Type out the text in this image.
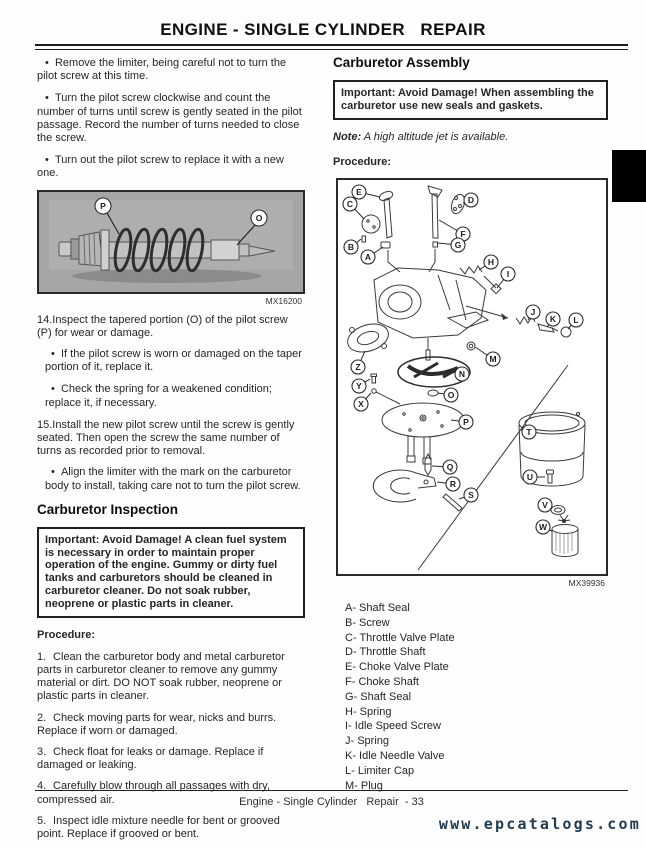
ENGINE - SINGLE CYLINDER   REPAIR

•  Remove the limiter, being careful not to turn the pilot screw at this time.

•  Turn the pilot screw clockwise and count the number of turns until screw is gently seated in the pilot passage. Record the number of turns needed to close the screw.

•  Turn out the pilot screw to replace it with a new one.

P
O
MX16200

14.Inspect the tapered portion (O) of the pilot screw (P) for wear or damage.

•  If the pilot screw is worn or damaged on the taper portion of it, replace it.

•  Check the spring for a weakened condition; replace it, if necessary.

15.Install the new pilot screw until the screw is gently seated. Then open the screw the same number of turns as recorded prior to removal.

•  Align the limiter with the mark on the carburetor body to install, taking care not to turn the pilot screw.

Carburetor Inspection
Important: Avoid Damage! A clean fuel system is necessary in order to maintain proper operation of the engine. Gummy or dirty fuel tanks and carburetors should be cleaned in carburetor cleaner. Do not soak rubber, neoprene or plastic parts in cleaner.

Procedure:

1. Clean the carburetor body and metal carburetor parts in carburetor cleaner to remove any gummy material or dirt. DO NOT soak rubber, neoprene or plastic parts in cleaner.

2. Check moving parts for wear, nicks and burrs. Replace if worn or damaged.

3. Check float for leaks or damage. Replace if damaged or leaking.

4. Carefully blow through all passages with dry, compressed air.

5. Inspect idle mixture needle for bent or grooved point. Replace if grooved or bent.

Carburetor Assembly
Important: Avoid Damage! When assembling the carburetor use new seals and gaskets.

Note: A high altitude jet is available.

Procedure:

E
C
B
A
D
F
G
H
I
J
K L
M
N
Z
Y
X
O
P
Q
R
S
T
U
V
W
MX39936
A- Shaft Seal
B- Screw
C- Throttle Valve Plate
D- Throttle Shaft
E- Choke Valve Plate
F- Choke Shaft
G- Shaft Seal
H- Spring
I- Idle Speed Screw
J- Spring
K- Idle Needle Valve
L- Limiter Cap
M- Plug
Engine - Single Cylinder   Repair  - 33
www.epcatalogs.com
